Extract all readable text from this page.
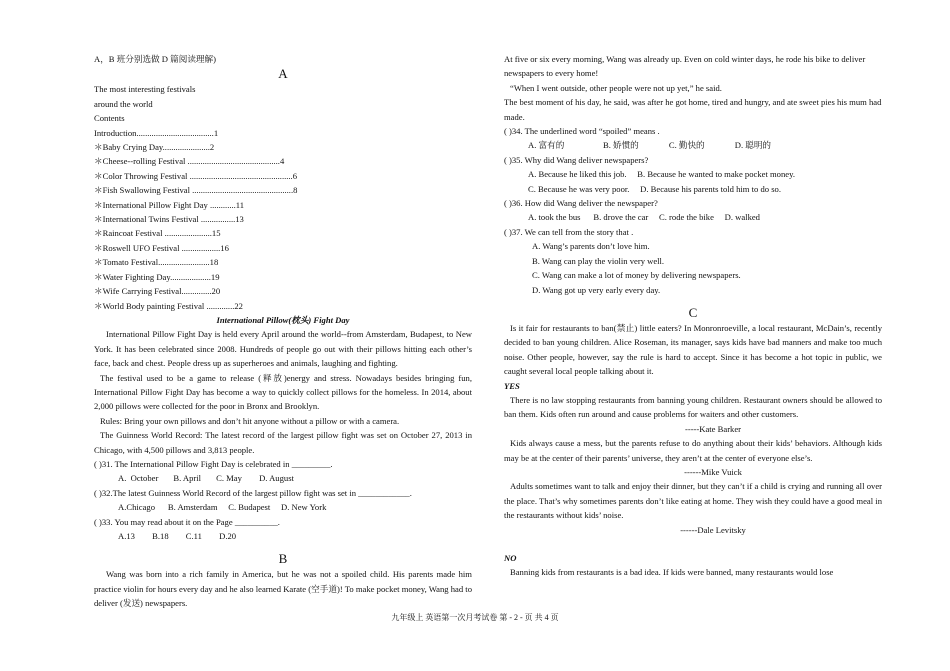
A，B 班分别选做 D 篇阅读理解)

A

The most interesting festivals

around the world

Contents

Introduction....................................1

＊Baby Crying Day......................2

＊Cheese--rolling Festival ...........................................4

＊Color Throwing Festival ................................................6

＊Fish Swallowing Festival ...............................................8

＊International Pillow Fight Day ............11

＊International Twins Festival ................13

＊Raincoat Festival ......................15

＊Roswell UFO Festival ..................16

＊Tomato Festival........................18

＊Water Fighting Day...................19

＊Wife Carrying Festival..............20

＊World Body painting Festival .............22

International Pillow(枕头) Fight Day

International Pillow Fight Day is held every April around the world--from Amsterdam, Budapest, to New York. It has been celebrated since 2008. Hundreds of people go out with their pillows hitting each other’s face, back and chest. People dress up as superheroes and animals, laughing and fighting.

The festival used to be a game to release (释放)energy and stress. Nowadays besides bringing fun, International Pillow Fight Day has become a way to quickly collect pillows for the homeless. In 2014, about 2,000 pillows were collected for the poor in Bronx and Brooklyn.

Rules: Bring your own pillows and don’t hit anyone without a pillow or with a camera.

The Guinness World Record: The latest record of the largest pillow fight was set on October 27, 2013 in Chicago, with 4,500 pillows and 3,813 people.

( )31. The International Pillow Fight Day is celebrated in _________.

A.  October       B. April       C. May        D. August

( )32.The latest Guinness World Record of the largest pillow fight was set in ____________.

A.Chicago      B. Amsterdam     C. Budapest     D. New York

( )33. You may read about it on the Page __________.

A.13        B.18        C.11        D.20

B

Wang was born into a rich family in America, but he was not a spoiled child. His parents made him practice violin for hours every day and he also learned Karate (空手道)! To make pocket money, Wang had to deliver (发送) newspapers.

At five or six every morning, Wang was already up. Even on cold winter days, he rode his bike to deliver newspapers to every home!

“When I went outside, other people were not up yet,” he said.

The best moment of his day, he said, was after he got home, tired and hungry, and ate sweet pies his mum had made.

( )34. The underlined word “spoiled” means .

A. 富有的                  B. 娇惯的              C. 勤快的              D. 聪明的

( )35. Why did Wang deliver newspapers?

A. Because he liked this job.     B. Because he wanted to make pocket money.

C. Because he was very poor.     D. Because his parents told him to do so.

( )36. How did Wang deliver the newspaper?

A. took the bus      B. drove the car     C. rode the bike     D. walked

( )37. We can tell from the story that .

A. Wang’s parents don’t love him.

B. Wang can play the violin very well.

C. Wang can make a lot of money by delivering newspapers.

D. Wang got up very early every day.

C

Is it fair for restaurants to ban(禁止) little eaters? In Monronroeville, a local restaurant, McDain’s, recently decided to ban young children. Alice Roseman, its manager, says kids have bad manners and make too much noise. Other people, however, say the rule is hard to accept. Since it has become a hot topic in public, we caught several local people talking about it.

YES

There is no law stopping restaurants from banning young children. Restaurant owners should be allowed to ban them. Kids often run around and cause problems for waiters and other customers.

-----Kate Barker

Kids always cause a mess, but the parents refuse to do anything about their kids’ behaviors. Although kids may be at the center of their parents’ universe, they aren’t at the center of everyone else’s.

------Mike Vuick

Adults sometimes want to talk and enjoy their dinner, but they can’t if a child is crying and running all over the place. That’s why sometimes parents don’t like eating at home. They wish they could have a good meal in the restaurants without kids’ noise.

------Dale Levitsky

NO

Banning kids from restaurants is a bad idea. If kids were banned, many restaurants would lose

九年级上 英语第一次月考试卷 第 - 2 - 页 共 4 页
